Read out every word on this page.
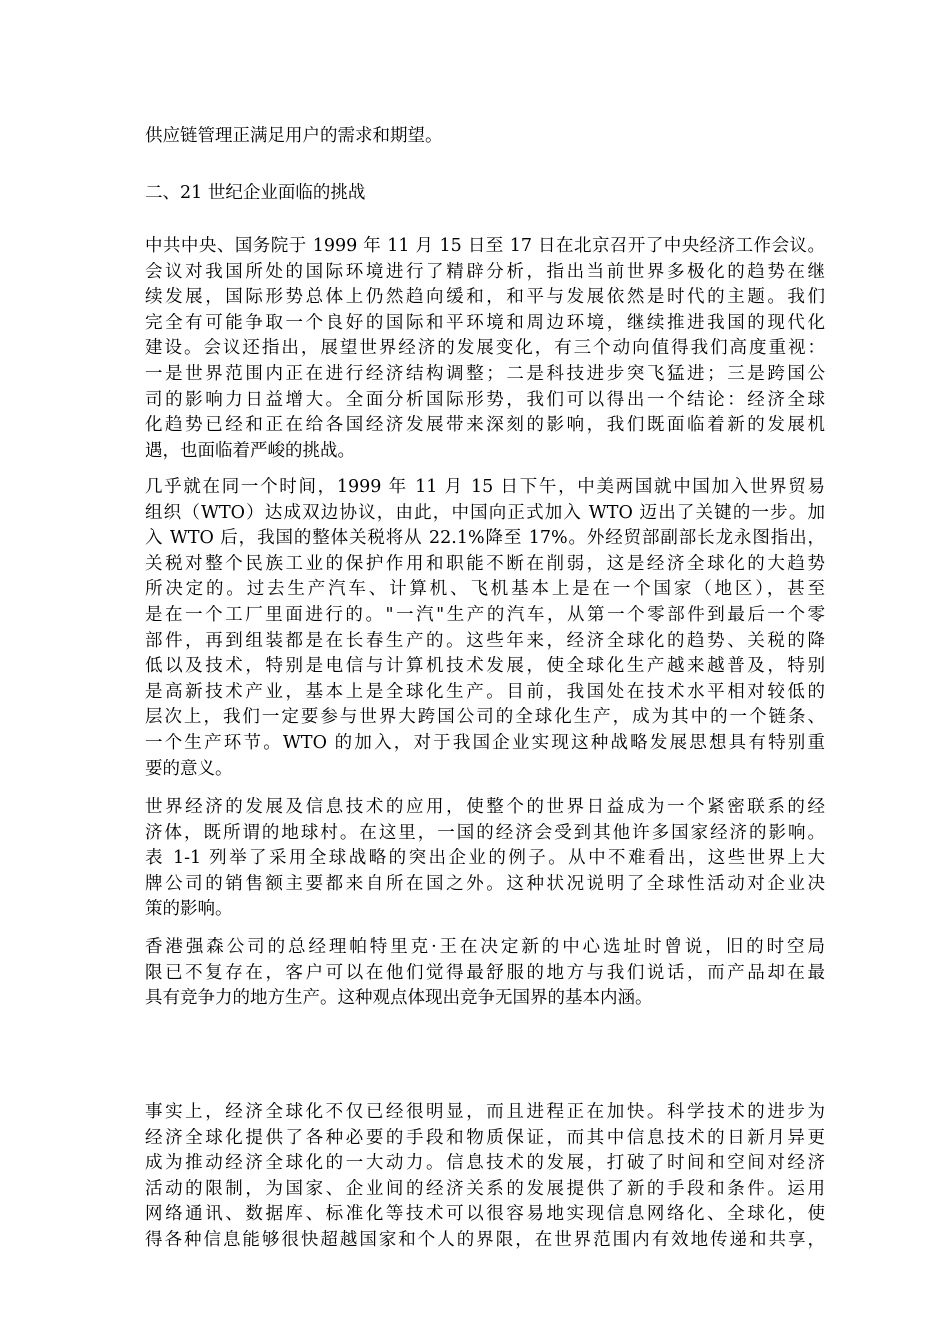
供应链管理正满足用户的需求和期望。
二、21 世纪企业面临的挑战
中共中央、国务院于 1999 年 11 月 15 日至 17 日在北京召开了中央经济工作会议。
会议对我国所处的国际环境进行了精辟分析，指出当前世界多极化的趋势在继
续发展，国际形势总体上仍然趋向缓和，和平与发展依然是时代的主题。我们
完全有可能争取一个良好的国际和平环境和周边环境，继续推进我国的现代化
建设。会议还指出，展望世界经济的发展变化，有三个动向值得我们高度重视：
一是世界范围内正在进行经济结构调整；二是科技进步突飞猛进；三是跨国公
司的影响力日益增大。全面分析国际形势，我们可以得出一个结论：经济全球
化趋势已经和正在给各国经济发展带来深刻的影响，我们既面临着新的发展机
遇，也面临着严峻的挑战。
几乎就在同一个时间，1999 年 11 月 15 日下午，中美两国就中国加入世界贸易
组织（WTO）达成双边协议，由此，中国向正式加入 WTO 迈出了关键的一步。加
入 WTO 后，我国的整体关税将从 22.1%降至 17%。外经贸部副部长龙永图指出，
关税对整个民族工业的保护作用和职能不断在削弱，这是经济全球化的大趋势
所决定的。过去生产汽车、计算机、飞机基本上是在一个国家（地区），甚至
是在一个工厂里面进行的。"一汽"生产的汽车，从第一个零部件到最后一个零
部件，再到组装都是在长春生产的。这些年来，经济全球化的趋势、关税的降
低以及技术，特别是电信与计算机技术发展，使全球化生产越来越普及，特别
是高新技术产业，基本上是全球化生产。目前，我国处在技术水平相对较低的
层次上，我们一定要参与世界大跨国公司的全球化生产，成为其中的一个链条、
一个生产环节。WTO 的加入，对于我国企业实现这种战略发展思想具有特别重
要的意义。
世界经济的发展及信息技术的应用，使整个的世界日益成为一个紧密联系的经
济体，既所谓的地球村。在这里，一国的经济会受到其他许多国家经济的影响。
表 1-1 列举了采用全球战略的突出企业的例子。从中不难看出，这些世界上大
牌公司的销售额主要都来自所在国之外。这种状况说明了全球性活动对企业决
策的影响。
香港强森公司的总经理帕特里克·王在决定新的中心选址时曾说，旧的时空局
限已不复存在，客户可以在他们觉得最舒服的地方与我们说话，而产品却在最
具有竞争力的地方生产。这种观点体现出竞争无国界的基本内涵。
事实上，经济全球化不仅已经很明显，而且进程正在加快。科学技术的进步为
经济全球化提供了各种必要的手段和物质保证，而其中信息技术的日新月异更
成为推动经济全球化的一大动力。信息技术的发展，打破了时间和空间对经济
活动的限制，为国家、企业间的经济关系的发展提供了新的手段和条件。运用
网络通讯、数据库、标准化等技术可以很容易地实现信息网络化、全球化，使
得各种信息能够很快超越国家和个人的界限，在世界范围内有效地传递和共享，
